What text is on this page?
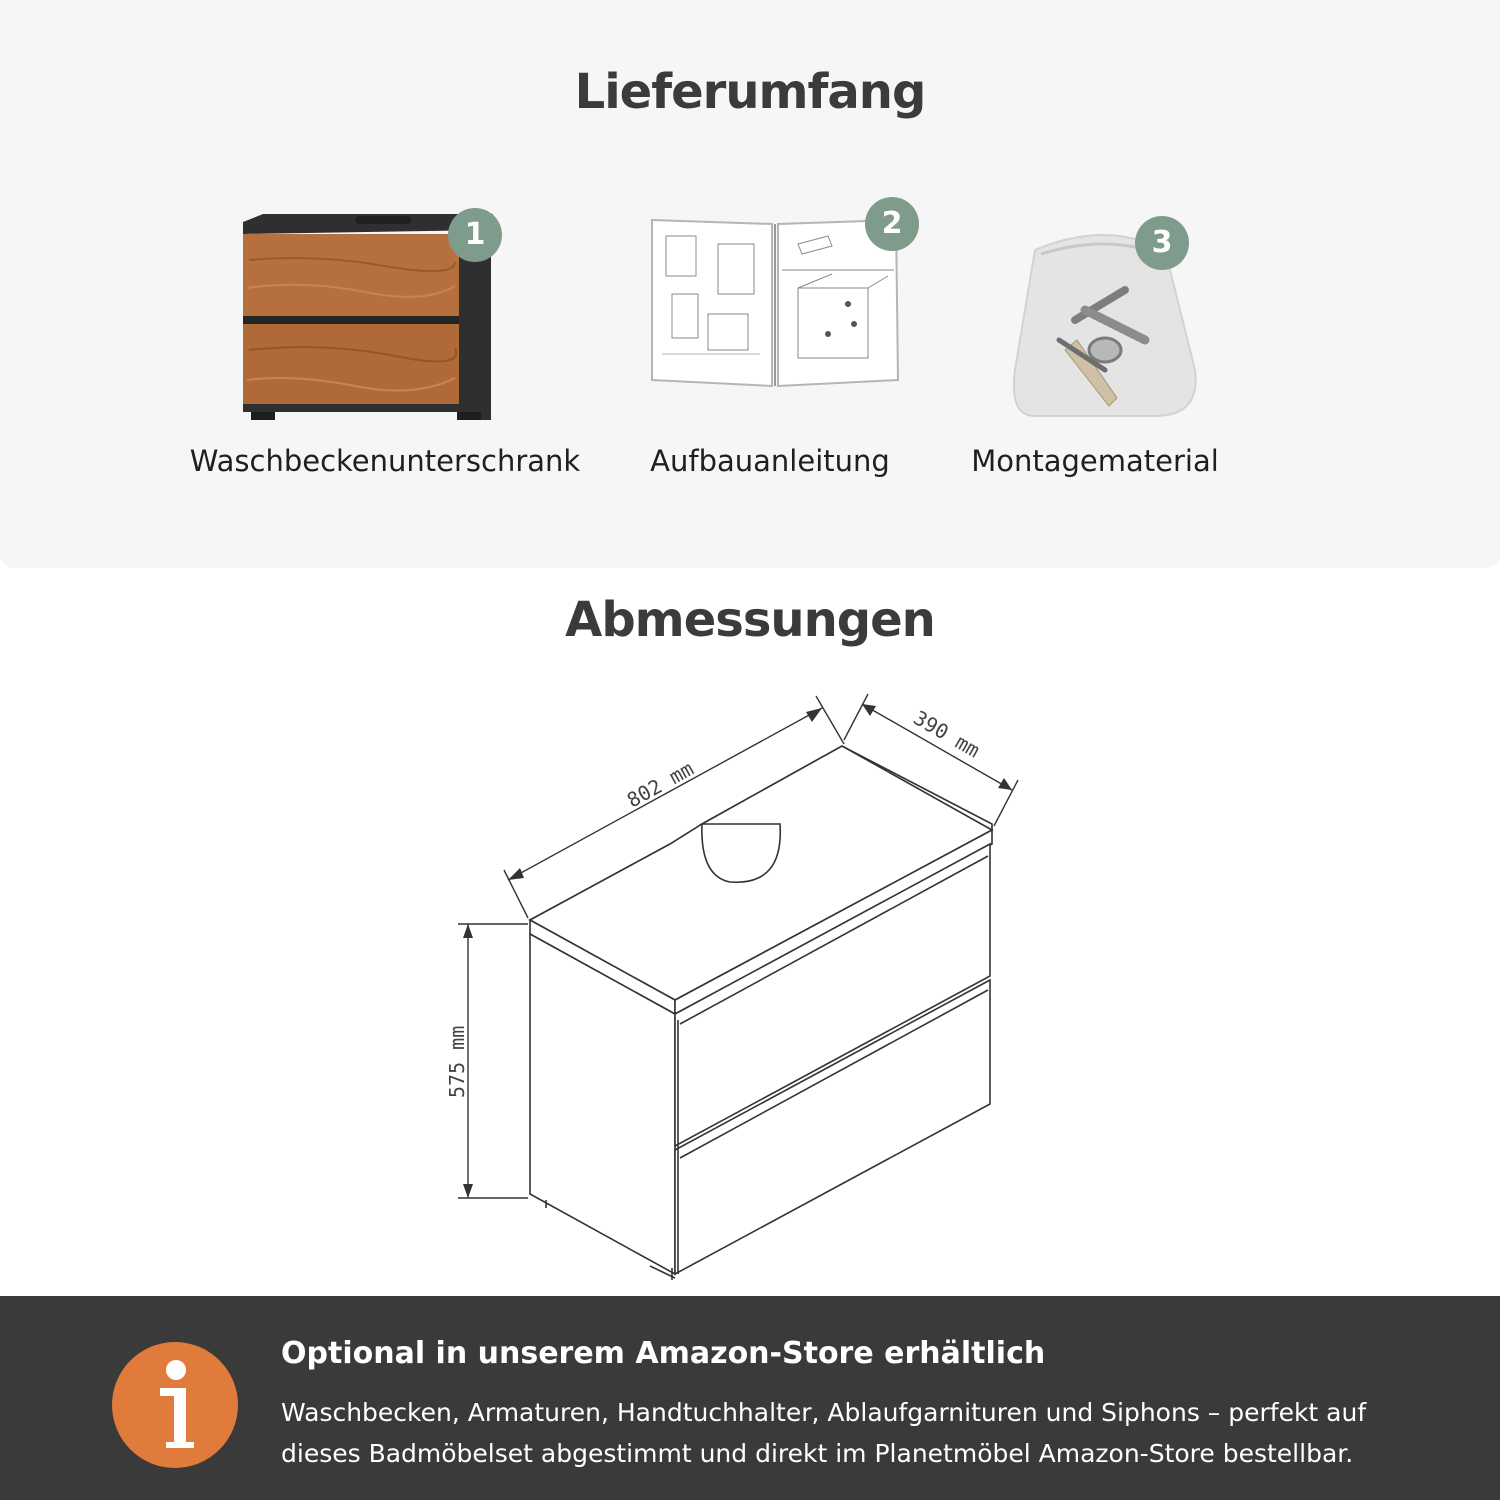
Lieferumfang
1
Waschbeckenunterschrank
2
Aufbauanleitung
3
Montagematerial
Abmessungen
802 mm
390 mm
575 mm
Optional in unserem Amazon-Store erhältlich
Waschbecken, Armaturen, Handtuchhalter, Ablaufgarnituren und Siphons – perfekt auf dieses Badmöbelset abgestimmt und direkt im Planetmöbel Amazon-Store bestellbar.
